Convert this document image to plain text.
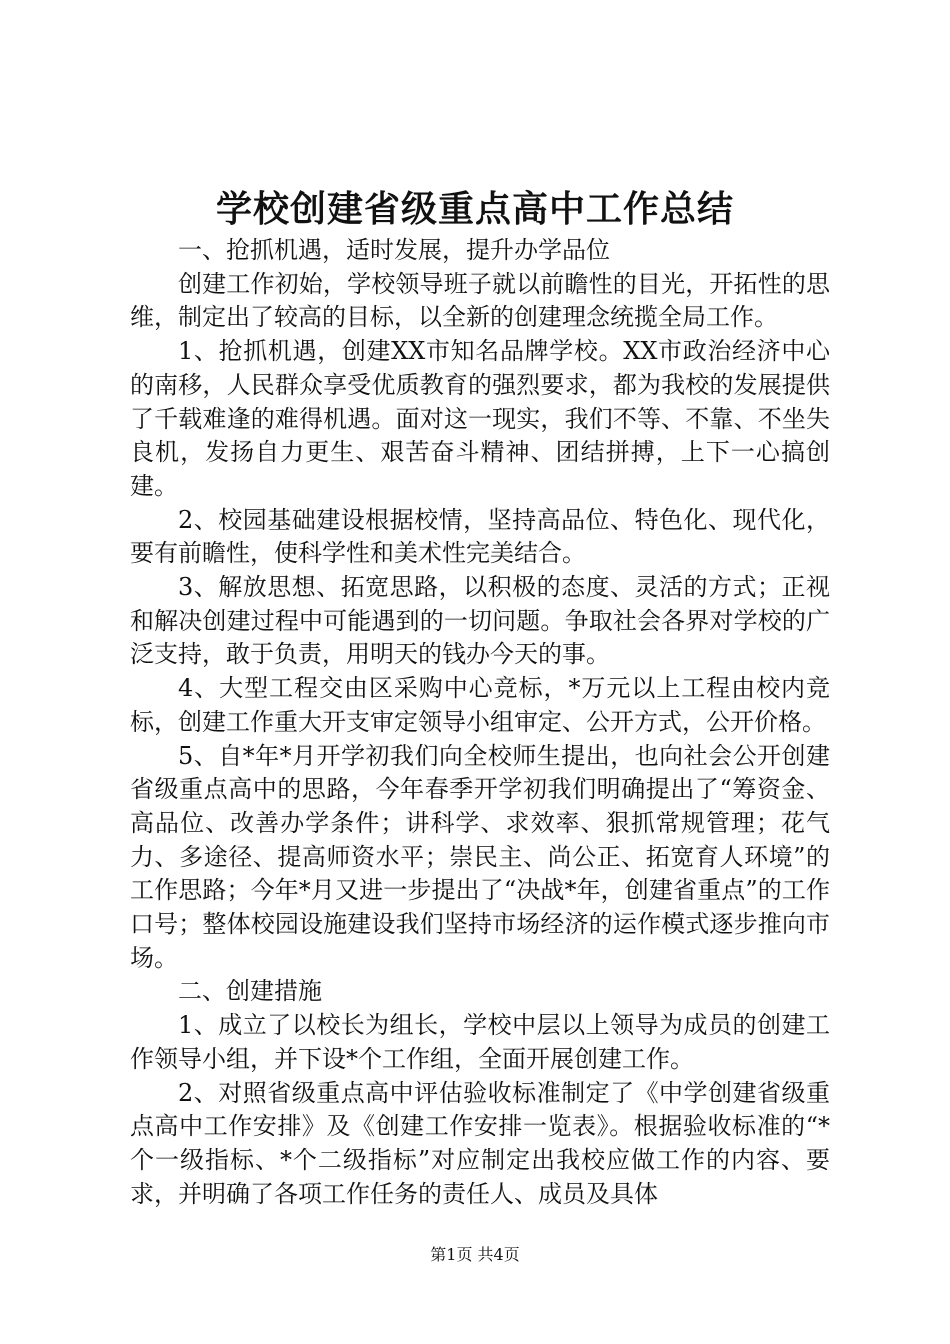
学校创建省级重点高中工作总结

一、抢抓机遇，适时发展，提升办学品位

创建工作初始，学校领导班子就以前瞻性的目光，开拓性的思维，制定出了较高的目标，以全新的创建理念统揽全局工作。

1、抢抓机遇，创建XX市知名品牌学校。XX市政治经济中心的南移，人民群众享受优质教育的强烈要求，都为我校的发展提供了千载难逢的难得机遇。面对这一现实，我们不等、不靠、不坐失良机，发扬自力更生、艰苦奋斗精神、团结拼搏，上下一心搞创建。

2、校园基础建设根据校情，坚持高品位、特色化、现代化，要有前瞻性，使科学性和美术性完美结合。

3、解放思想、拓宽思路，以积极的态度、灵活的方式；正视和解决创建过程中可能遇到的一切问题。争取社会各界对学校的广泛支持，敢于负责，用明天的钱办今天的事。

4、大型工程交由区采购中心竞标，*万元以上工程由校内竞标，创建工作重大开支审定领导小组审定、公开方式，公开价格。

5、自*年*月开学初我们向全校师生提出，也向社会公开创建省级重点高中的思路，今年春季开学初我们明确提出了“筹资金、高品位、改善办学条件；讲科学、求效率、狠抓常规管理；花气力、多途径、提高师资水平；崇民主、尚公正、拓宽育人环境”的工作思路；今年*月又进一步提出了“决战*年，创建省重点”的工作口号；整体校园设施建设我们坚持市场经济的运作模式逐步推向市场。

二、创建措施

1、成立了以校长为组长，学校中层以上领导为成员的创建工作领导小组，并下设*个工作组，全面开展创建工作。

2、对照省级重点高中评估验收标准制定了《中学创建省级重点高中工作安排》及《创建工作安排一览表》。根据验收标准的“*个一级指标、*个二级指标”对应制定出我校应做工作的内容、要求，并明确了各项工作任务的责任人、成员及具体

第1页 共4页
